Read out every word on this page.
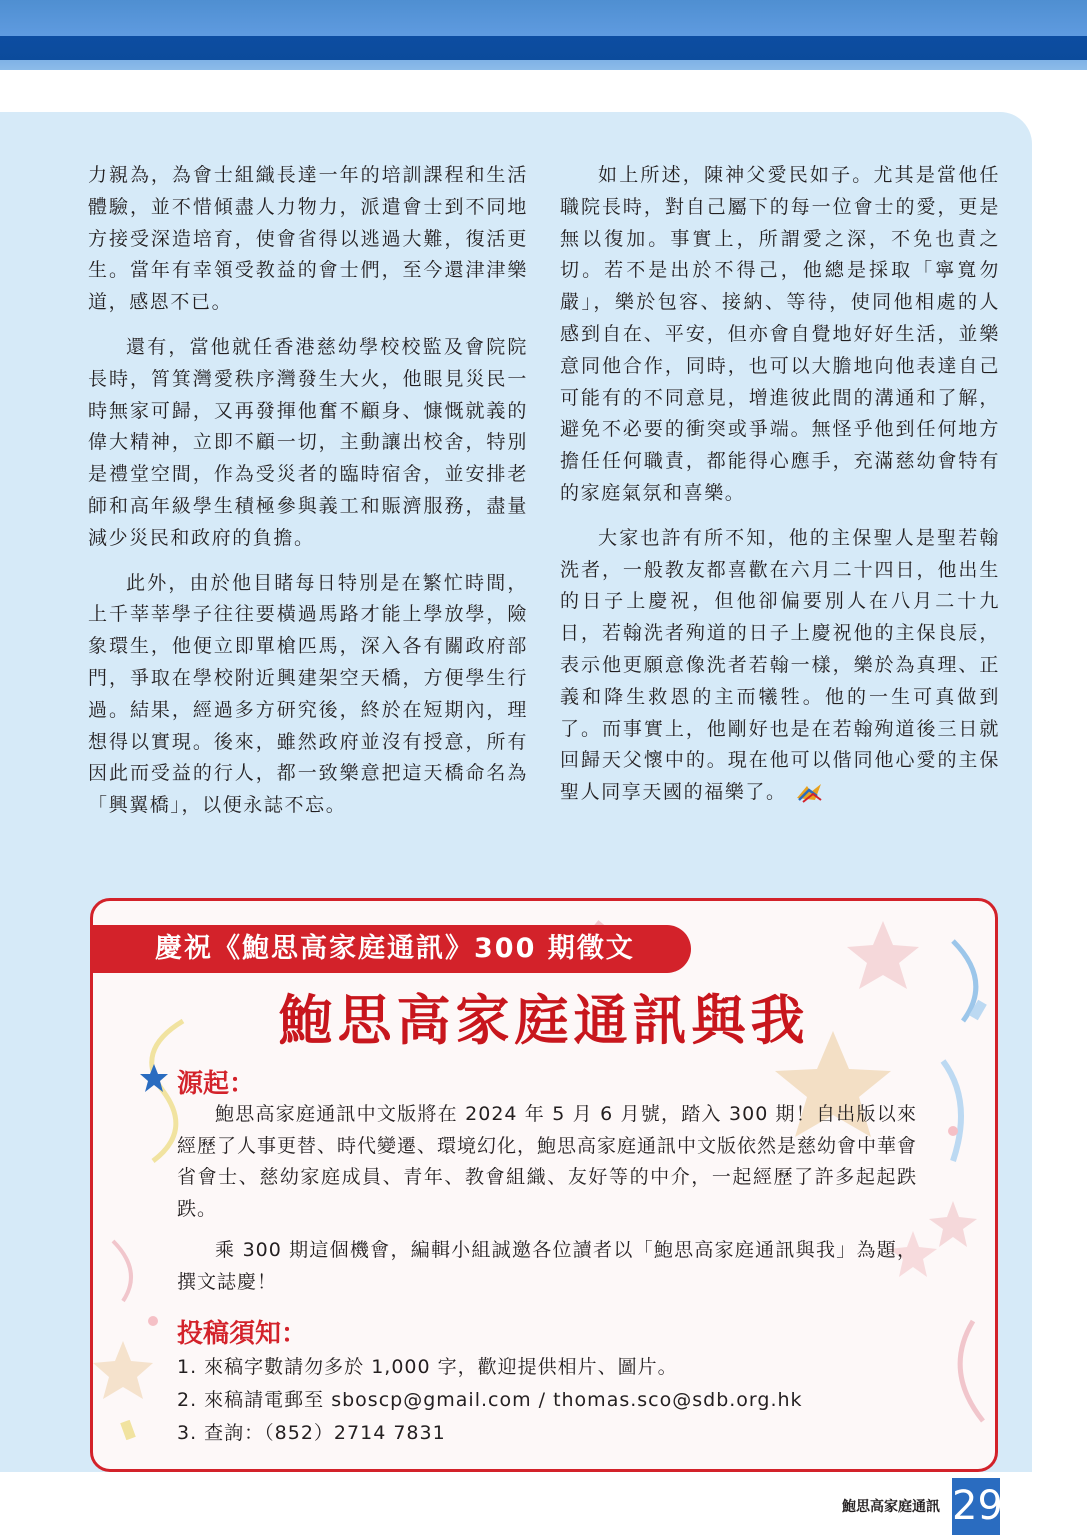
力親為，為會士組織長達一年的培訓課程和生活體驗，並不惜傾盡人力物力，派遣會士到不同地方接受深造培育，使會省得以逃過大難，復活更生。當年有幸領受教益的會士們，至今還津津樂道，感恩不已。

還有，當他就任香港慈幼學校校監及會院院長時，筲箕灣愛秩序灣發生大火，他眼見災民一時無家可歸，又再發揮他奮不顧身、慷慨就義的偉大精神，立即不顧一切，主動讓出校舍，特別是禮堂空間，作為受災者的臨時宿舍，並安排老師和高年級學生積極參與義工和賑濟服務，盡量減少災民和政府的負擔。

此外，由於他目睹每日特別是在繁忙時間，上千莘莘學子往往要橫過馬路才能上學放學，險象環生，他便立即單槍匹馬，深入各有關政府部門，爭取在學校附近興建架空天橋，方便學生行過。結果，經過多方研究後，終於在短期內，理想得以實現。後來，雖然政府並沒有授意，所有因此而受益的行人，都一致樂意把這天橋命名為「興翼橋」，以便永誌不忘。

如上所述，陳神父愛民如子。尤其是當他任職院長時，對自己屬下的每一位會士的愛，更是無以復加。事實上，所謂愛之深，不免也責之切。若不是出於不得己，他總是採取「寧寬勿嚴」，樂於包容、接納、等待，使同他相處的人感到自在、平安，但亦會自覺地好好生活，並樂意同他合作，同時，也可以大膽地向他表達自己可能有的不同意見，增進彼此間的溝通和了解，避免不必要的衝突或爭端。無怪乎他到任何地方擔任任何職責，都能得心應手，充滿慈幼會特有的家庭氣氛和喜樂。

大家也許有所不知，他的主保聖人是聖若翰洗者，一般教友都喜歡在六月二十四日，他出生的日子上慶祝，但他卻偏要別人在八月二十九日，若翰洗者殉道的日子上慶祝他的主保良辰，表示他更願意像洗者若翰一樣，樂於為真理、正義和降生救恩的主而犧牲。他的一生可真做到了。而事實上，他剛好也是在若翰殉道後三日就回歸天父懷中的。現在他可以偕同他心愛的主保聖人同享天國的福樂了。

慶祝《鮑思高家庭通訊》300 期徵文
鮑思高家庭通訊與我
源起：

鮑思高家庭通訊中文版將在 2024 年 5 月 6 月號，踏入 300 期！自出版以來經歷了人事更替、時代變遷、環境幻化，鮑思高家庭通訊中文版依然是慈幼會中華會省會士、慈幼家庭成員、青年、教會組織、友好等的中介，一起經歷了許多起起跌跌。

乘 300 期這個機會，編輯小組誠邀各位讀者以「鮑思高家庭通訊與我」為題，撰文誌慶！

投稿須知：
1. 來稿字數請勿多於 1,000 字，歡迎提供相片、圖片。
2. 來稿請電郵至 sboscp@gmail.com / thomas.sco@sdb.org.hk
3. 查詢：（852）2714 7831
鮑思高家庭通訊 29
